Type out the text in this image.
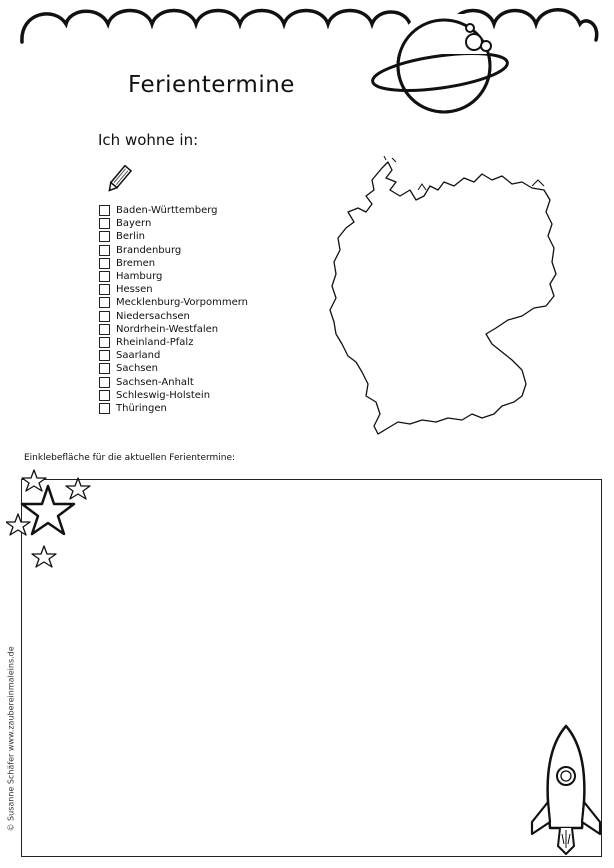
Ferientermine
Ich wohne in:
Baden-Württemberg
Bayern
Berlin
Brandenburg
Bremen
Hamburg
Hessen
Mecklenburg-Vorpommern
Niedersachsen
Nordrhein-Westfalen
Rheinland-Pfalz
Saarland
Sachsen
Sachsen-Anhalt
Schleswig-Holstein
Thüringen
Einklebefläche für die aktuellen Ferientermine:
© Susanne Schäfer www.zaubereinmaleins.de
